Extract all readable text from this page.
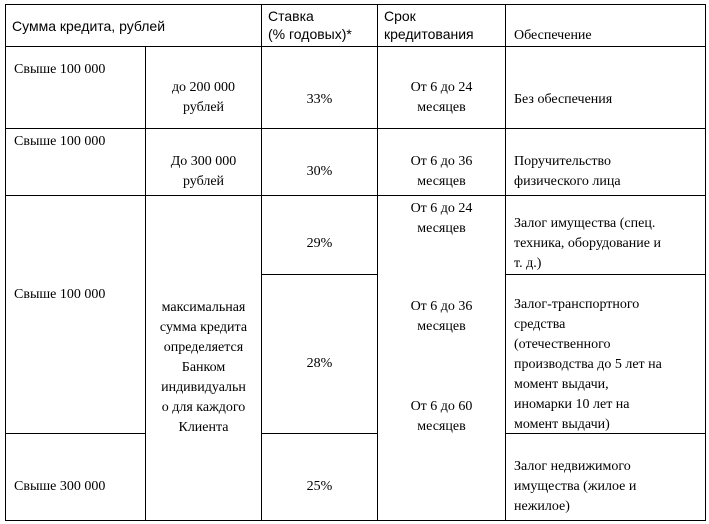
Сумма кредита, рублей
Ставка
(% годовых)*
Срок
кредитования	Обеспечение
Свыше 100 000
до 200 000
рублей
33%
От 6 до 24
месяцев
Без обеспечения
Свыше 100 000
До 300 000
рублей
30%
От 6 до 36
месяцев
Поручительство
физического лица
Свыше 100 000
Свыше 300 000
максимальная
сумма кредита
определяется
Банком
индивидуальн
о для каждого
Клиента
29%
28%
25%
От 6 до 24
месяцев
От 6 до 36
месяцев
От 6 до 60
месяцев
Залог имущества (спец.
техника, оборудование и
т. д.)
Залог-транспортного
средства
(отечественного
производства до 5 лет на
момент выдачи,
иномарки 10 лет на
момент выдачи)
Залог недвижимого
имущества (жилое и
нежилое)
